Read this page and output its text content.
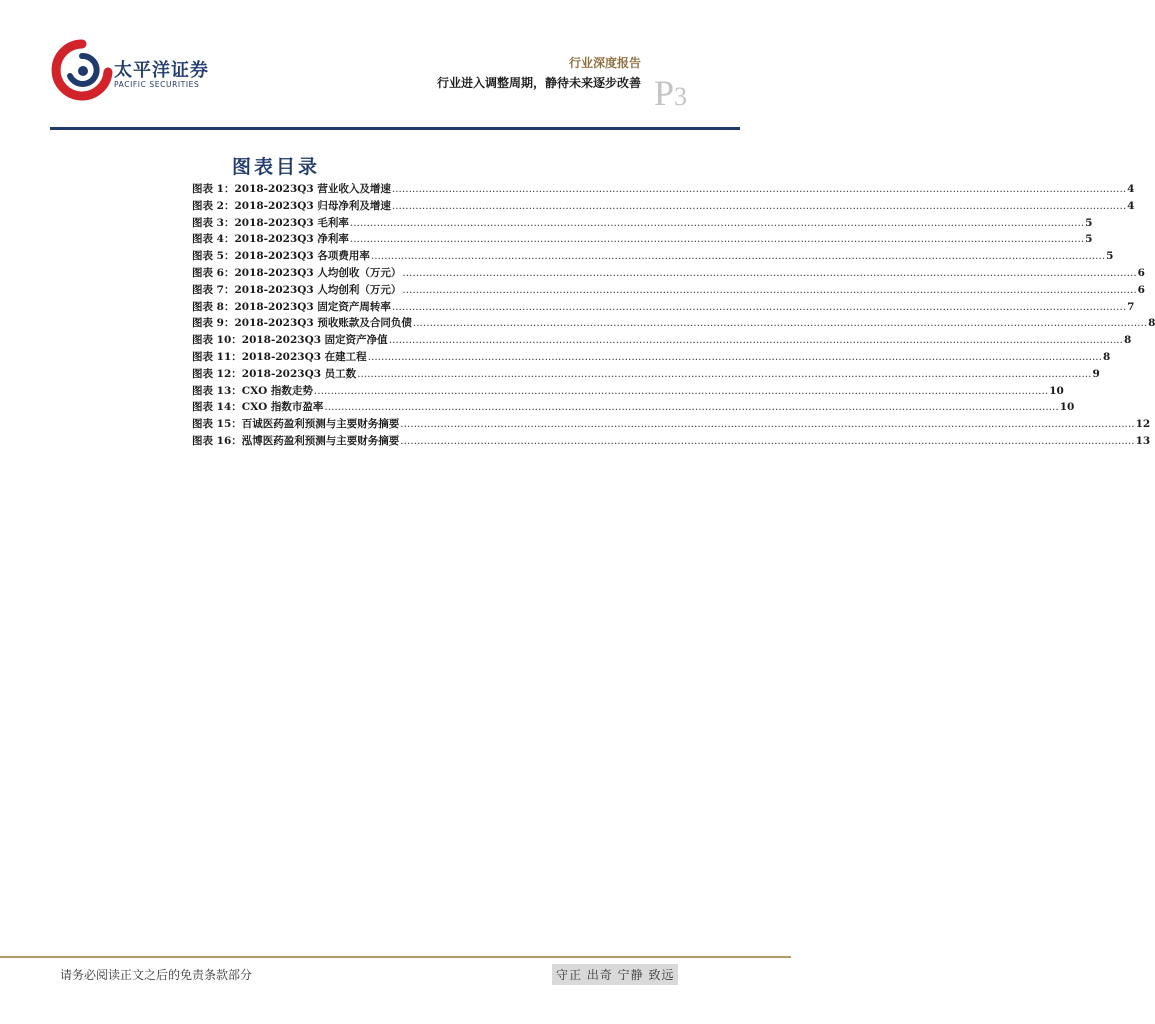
太平洋证券
PACIFIC SECURITIES
行业深度报告
行业进入调整周期，静待未来逐步改善 P3
图表目录
图表 1：2018-2023Q3 营业收入及增速 ............................................................................................................................................................................................................................ 4
图表 2：2018-2023Q3 归母净利及增速 ............................................................................................................................................................................................................................ 4
图表 3：2018-2023Q3 毛利率 ............................................................................................................................................................................................................................ 5
图表 4：2018-2023Q3 净利率 ............................................................................................................................................................................................................................ 5
图表 5：2018-2023Q3 各项费用率 ............................................................................................................................................................................................................................ 5
图表 6：2018-2023Q3 人均创收（万元） ............................................................................................................................................................................................................................ 6
图表 7：2018-2023Q3 人均创利（万元） ............................................................................................................................................................................................................................ 6
图表 8：2018-2023Q3 固定资产周转率 ............................................................................................................................................................................................................................ 7
图表 9：2018-2023Q3 预收账款及合同负债 ............................................................................................................................................................................................................................ 8
图表 10：2018-2023Q3 固定资产净值 ............................................................................................................................................................................................................................ 8
图表 11：2018-2023Q3 在建工程 ............................................................................................................................................................................................................................ 8
图表 12：2018-2023Q3 员工数 ............................................................................................................................................................................................................................ 9
图表 13：CXO 指数走势 ............................................................................................................................................................................................................................ 10
图表 14：CXO 指数市盈率 ............................................................................................................................................................................................................................ 10
图表 15：百诚医药盈利预测与主要财务摘要 ............................................................................................................................................................................................................................ 12
图表 16：泓博医药盈利预测与主要财务摘要 ............................................................................................................................................................................................................................ 13
请务必阅读正文之后的免责条款部分	守正 出奇 宁静 致远
